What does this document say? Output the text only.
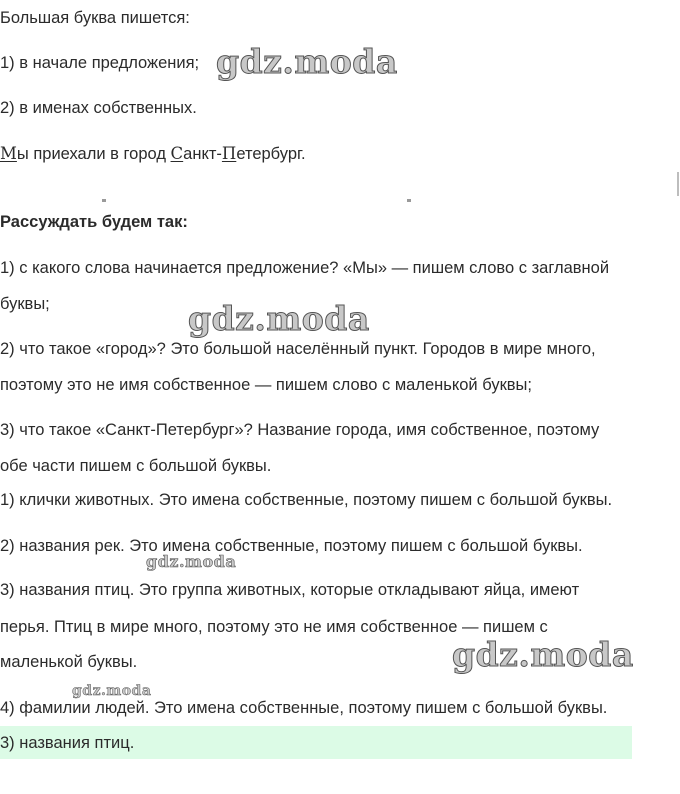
Большая буква пишется:
1) в начале предложения;
2) в именах собственных.
Мы приехали в город Санкт-Петербург.
Рассуждать будем так:
1) с какого слова начинается предложение? «Мы» — пишем слово с заглавной
буквы;
2) что такое «город»? Это большой населённый пункт. Городов в мире много,
поэтому это не имя собственное — пишем слово с маленькой буквы;
3) что такое «Санкт-Петербург»? Название города, имя собственное, поэтому
обе части пишем с большой буквы.
1) клички животных. Это имена собственные, поэтому пишем с большой буквы.
2) названия рек. Это имена собственные, поэтому пишем с большой буквы.
3) названия птиц. Это группа животных, которые откладывают яйца, имеют
перья. Птиц в мире много, поэтому это не имя собственное — пишем с
маленькой буквы.
4) фамилии людей. Это имена собственные, поэтому пишем с большой буквы.
3) названия птиц.
gdz.moda
gdz.moda
gdz.moda
gdz.moda
gdz.moda
